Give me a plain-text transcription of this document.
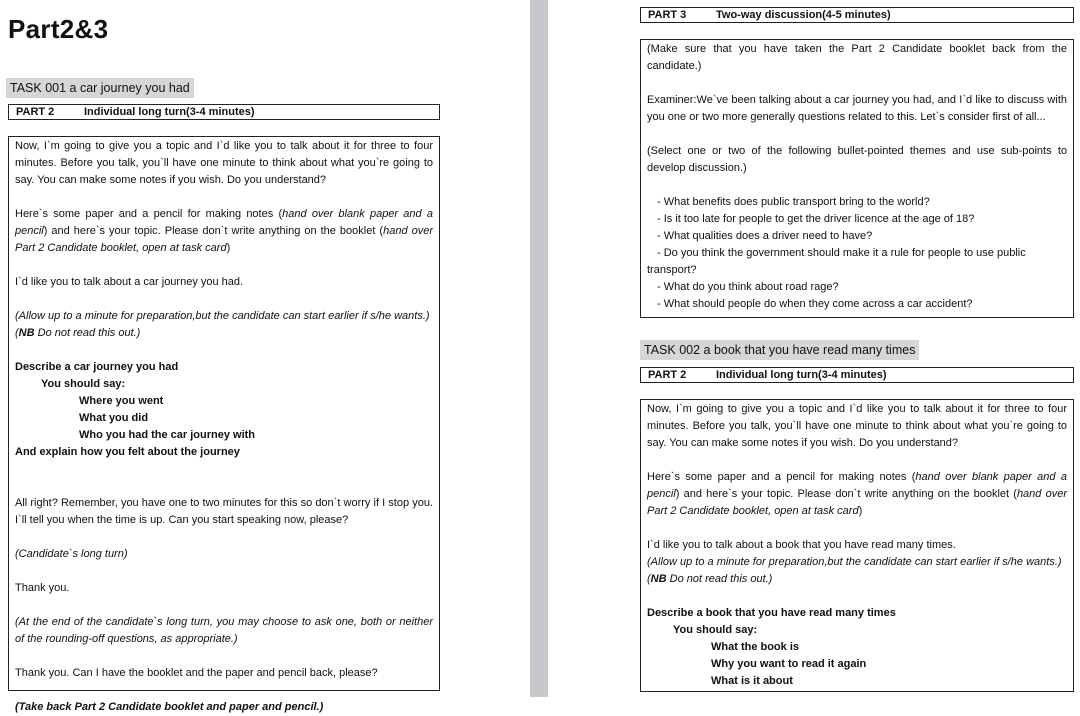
Part2&3
TASK 001 a car journey you had
PART 2	Individual long turn(3-4 minutes)

Now, I`m going to give you a topic and I`d like you to talk about it for three to four minutes. Before you talk, you`ll have one minute to think about what you`re going to say. You can make some notes if you wish. Do you understand?

Here`s some paper and a pencil for making notes (hand over blank paper and a pencil) and here`s your topic. Please don`t write anything on the booklet (hand over Part 2 Candidate booklet, open at task card)

I`d like you to talk about a car journey you had.

(Allow up to a minute for preparation,but the candidate can start earlier if s/he wants.)

(NB Do not read this out.)

Describe a car journey you had

You should say:

Where you went

What you did

Who you had the car journey with

And explain how you felt about the journey

All right? Remember, you have one to two minutes for this so don`t worry if I stop you. I`ll tell you when the time is up. Can you start speaking now, please?

(Candidate`s long turn)

Thank you.

(At the end of the candidate`s long turn, you may choose to ask one, both or neither of the rounding-off questions, as appropriate.)

Thank you. Can I have the booklet and the paper and pencil back, please?

(Take back Part 2 Candidate booklet and paper and pencil.)

PART 3	Two-way discussion(4-5 minutes)

(Make sure that you have taken the Part 2 Candidate booklet back from the candidate.)

Examiner:We`ve been talking about a car journey you had, and I`d like to discuss with you one or two more generally questions related to this. Let`s consider first of all...

(Select one or two of the following bullet-pointed themes and use sub-points to develop discussion.)

- What benefits does public transport bring to the world?

- Is it too late for people to get the driver licence at the age of 18?

- What qualities does a driver need to have?

- Do you think the government should make it a rule for people to use public

transport?

- What do you think about road rage?

- What should people do when they come across a car accident?

TASK 002 a book that you have read many times
PART 2	Individual long turn(3-4 minutes)

Now, I`m going to give you a topic and I`d like you to talk about it for three to four minutes. Before you talk, you`ll have one minute to think about what you`re going to say. You can make some notes if you wish. Do you understand?

Here`s some paper and a pencil for making notes (hand over blank paper and a pencil) and here`s your topic. Please don`t write anything on the booklet (hand over Part 2 Candidate booklet, open at task card)

I`d like you to talk about a book that you have read many times.

(Allow up to a minute for preparation,but the candidate can start earlier if s/he wants.)

(NB Do not read this out.)

Describe a book that you have read many times

You should say:

What the book is

Why you want to read it again

What is it about
